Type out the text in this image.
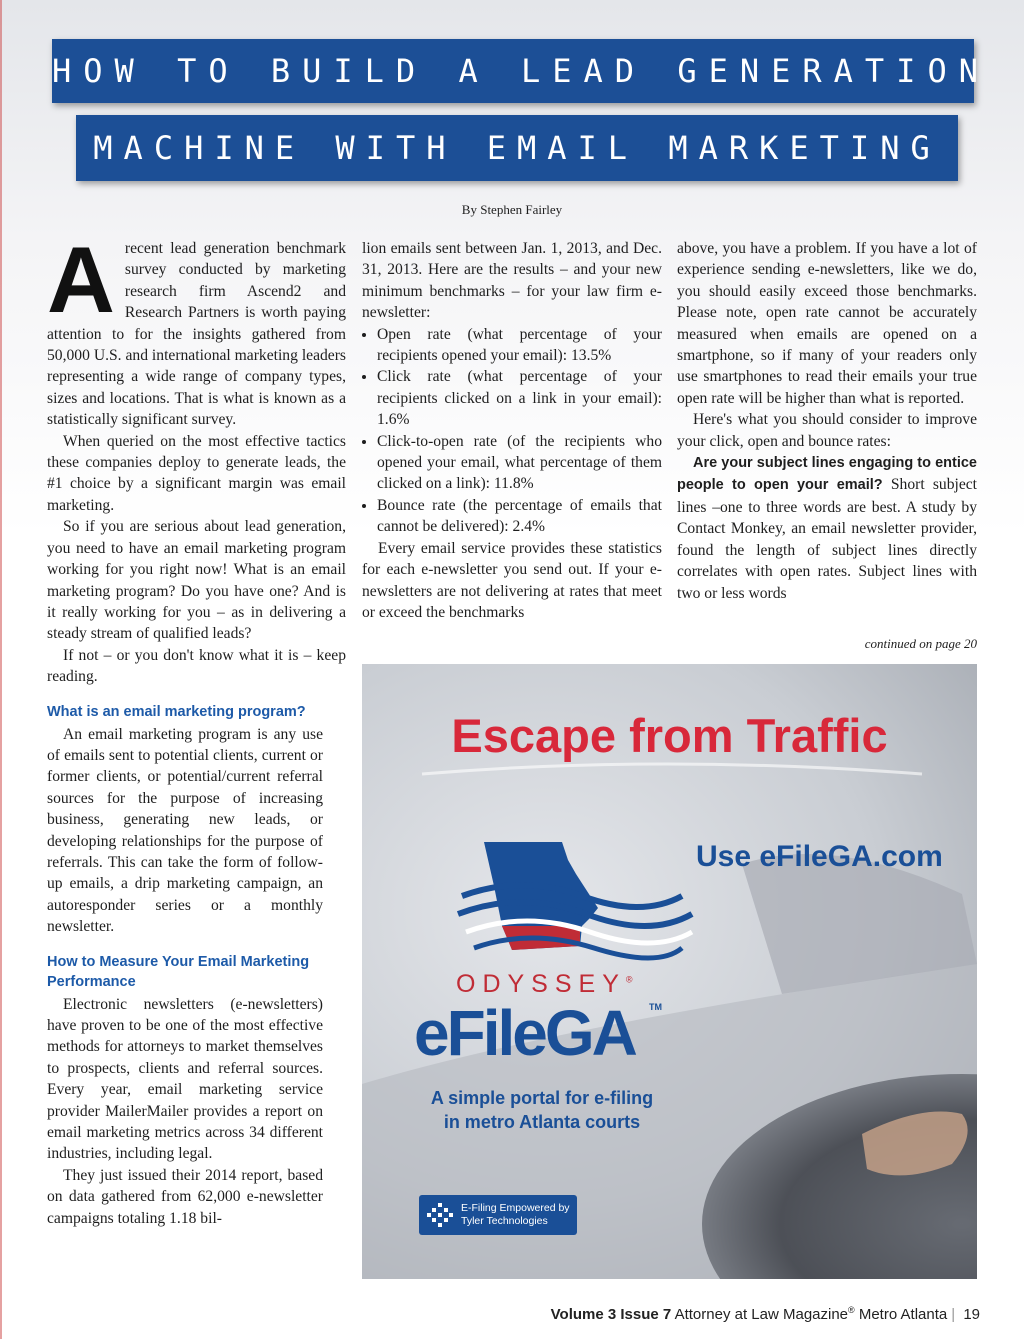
HOW TO BUILD A LEAD GENERATION
MACHINE WITH EMAIL MARKETING
By Stephen Fairley

Arecent lead generation benchmark survey conducted by marketing research firm Ascend2 and Research Partners is worth paying attention to for the insights gathered from 50,000 U.S. and international marketing leaders representing a wide range of company types, sizes and locations. That is what is known as a statistically significant survey.

When queried on the most effective tactics these companies deploy to generate leads, the #1 choice by a significant margin was email marketing.

So if you are serious about lead generation, you need to have an email marketing program working for you right now! What is an email marketing program? Do you have one? And is it really working for you – as in delivering a steady stream of qualified leads?

If not – or you don't know what it is – keep reading.

What is an email marketing program?

An email marketing program is any use of emails sent to potential clients, current or former clients, or potential/current referral sources for the purpose of increasing business, generating new leads, or developing relationships for the purpose of referrals. This can take the form of follow-up emails, a drip marketing campaign, an autoresponder series or a monthly newsletter.

How to Measure Your Email Marketing Performance

Electronic newsletters (e-newsletters) have proven to be one of the most effective methods for attorneys to market themselves to prospects, clients and referral sources. Every year, email marketing service provider MailerMailer provides a report on email marketing metrics across 34 different industries, including legal.

They just issued their 2014 report, based on data gathered from 62,000 e-newsletter campaigns totaling 1.18 bil-

lion emails sent between Jan. 1, 2013, and Dec. 31, 2013. Here are the results – and your new minimum benchmarks – for your law firm e-newsletter:

• Open rate (what percentage of your recipients opened your email): 13.5%
• Click rate (what percentage of your recipients clicked on a link in your email): 1.6%
• Click-to-open rate (of the recipients who opened your email, what percentage of them clicked on a link): 11.8%
• Bounce rate (the percentage of emails that cannot be delivered): 2.4%

Every email service provides these statistics for each e-newsletter you send out. If your e-newsletters are not delivering at rates that meet or exceed the benchmarks

above, you have a problem. If you have a lot of experience sending e-newsletters, like we do, you should easily exceed those benchmarks. Please note, open rate cannot be accurately measured when emails are opened on a smartphone, so if many of your readers only use smartphones to read their emails your true open rate will be higher than what is reported.

Here's what you should consider to improve your click, open and bounce rates:

Are your subject lines engaging to entice people to open your email? Short subject lines –one to three words are best. A study by Contact Monkey, an email newsletter provider, found the length of subject lines directly correlates with open rates. Subject lines with two or less words

continued on page 20
Escape from Traffic
Use eFileGA.com
ODYSSEY®
eFileGA TM
A simple portal for e-filing in metro Atlanta courts
E-Filing Empowered by Tyler Technologies
Volume 3 Issue 7 Attorney at Law Magazine® Metro Atlanta | 19
